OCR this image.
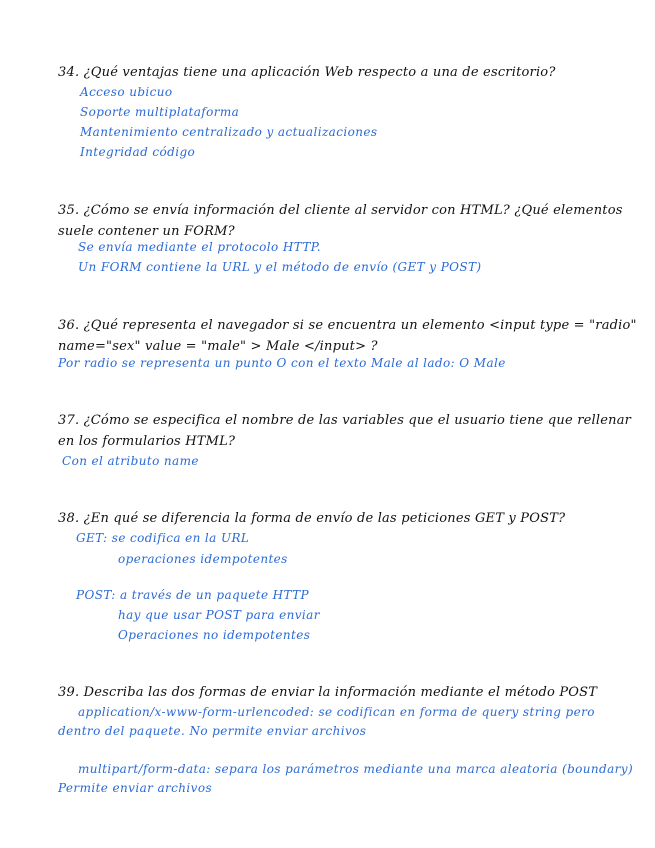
34. ¿Qué ventajas tiene una aplicación Web respecto a una de escritorio?
Acceso ubicuo
Soporte multiplataforma
Mantenimiento centralizado y actualizaciones
Integridad código
35. ¿Cómo se envía información del cliente al servidor con HTML? ¿Qué elementos suele contener un FORM?
Se envía mediante el protocolo HTTP.
Un FORM contiene la URL y el método de envío (GET y POST)
36. ¿Qué representa el navegador si se encuentra un elemento <input type = "radio" name="sex" value = "male" > Male </input> ?
Por radio se representa un punto O con el texto Male al lado: O Male
37. ¿Cómo se especifica el nombre de las variables que el usuario tiene que rellenar en los formularios HTML?
Con el atributo name
38. ¿En qué se diferencia la forma de envío de las peticiones GET y POST?
GET: se codifica en la URL
operaciones idempotentes
POST: a través de un paquete HTTP
hay que usar POST para enviar
Operaciones no idempotentes
39. Describa las dos formas de enviar la información mediante el método POST
application/x-www-form-urlencoded: se codifican en forma de query string pero dentro del paquete. No permite enviar archivos
multipart/form-data: separa los parámetros mediante una marca aleatoria (boundary) Permite enviar archivos
